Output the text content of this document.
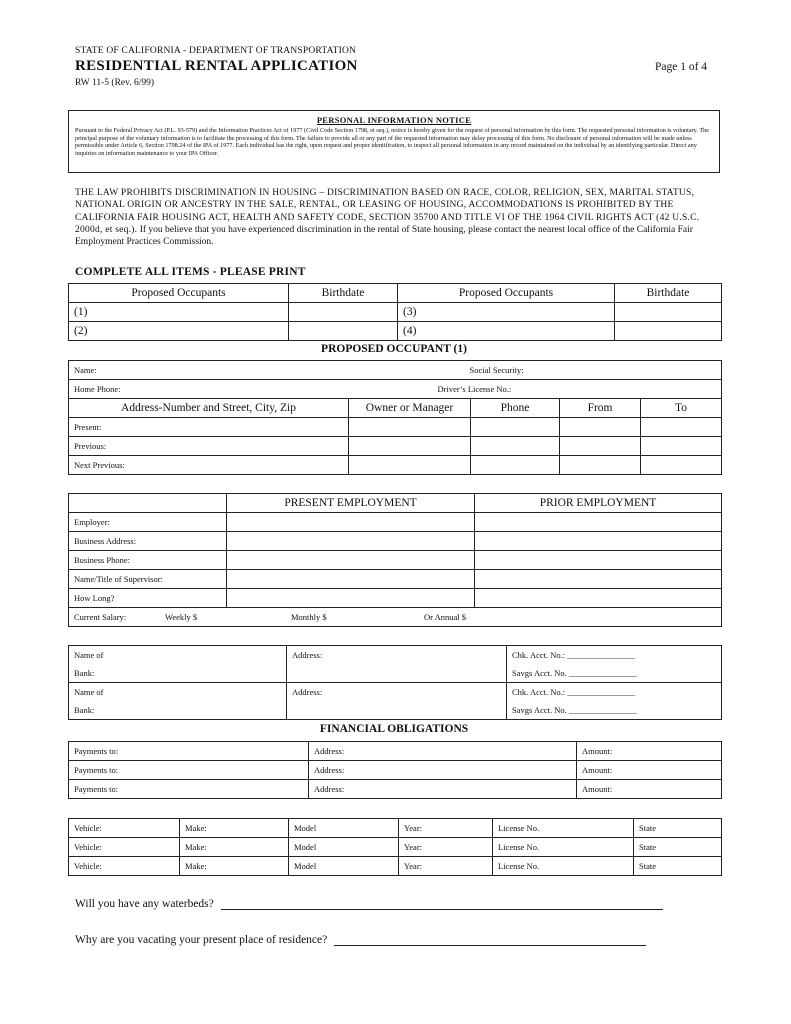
STATE OF CALIFORNIA - DEPARTMENT OF TRANSPORTATION
RESIDENTIAL RENTAL APPLICATION
RW 11-5 (Rev. 6/99)
Page 1 of 4
PERSONAL INFORMATION NOTICE
Pursuant to the Federal Privacy Act (P.L. 93-579) and the Information Practices Act of 1977 (Civil Code Section 1798, et seq.), notice is hereby given for the request of personal information by this form. The requested personal information is voluntary. The principal purpose of the voluntary information is to facilitate the processing of this form. The failure to provide all or any part of the requested information may delay processing of this form. No disclosure of personal information will be made unless permissible under Article 6, Section 1798.24 of the IPA of 1977. Each individual has the right, upon request and proper identification, to inspect all personal information in any record maintained on the individual by an identifying particular. Direct any inquiries on information maintenance to your IPA Officer.
THE LAW PROHIBITS DISCRIMINATION IN HOUSING – DISCRIMINATION BASED ON RACE, COLOR, RELIGION, SEX, MARITAL STATUS, NATIONAL ORIGIN OR ANCESTRY IN THE SALE, RENTAL, OR LEASING OF HOUSING, ACCOMMODATIONS IS PROHIBITED BY THE CALIFORNIA FAIR HOUSING ACT, HEALTH AND SAFETY CODE, SECTION 35700 AND TITLE VI OF THE 1964 CIVIL RIGHTS ACT (42 U.S.C. 2000d, et seq.). If you believe that you have experienced discrimination in the rental of State housing, please contact the nearest local office of the California Fair Employment Practices Commission.
COMPLETE ALL ITEMS - PLEASE PRINT
Proposed Occupants	Birthdate	Proposed Occupants	Birthdate
(1)		(3)	
(2)		(4)	
PROPOSED OCCUPANT (1)
Name:			Social Security:	

Home Phone:			Driver’s License No.:	

Address-Number and Street, City, Zip	Owner or Manager	Phone	From	To
Present:				
Previous:				
Next Previous:				
	PRESENT EMPLOYMENT	PRIOR EMPLOYMENT
Employer:		
Business Address:		
Business Phone:		
Name/Title of Supervisor:		
How Long?		
Current Salary: Weekly $ Monthly $ Or Annual $		
Name of	Address:	Chk. Acct. No.: ________________
Bank:		Savgs Acct. No. ________________
Name of	Address:	Chk. Acct. No.: ________________
Bank:		Savgs Acct. No. ________________
FINANCIAL OBLIGATIONS
Payments to:	Address:	Amount:
Payments to:	Address:	Amount:
Payments to:	Address:	Amount:
Vehicle:	Make:	Model	Year:	License No.	State
Vehicle:	Make:	Model	Year:	License No.	State
Vehicle:	Make:	Model	Year:	License No.	State
Will you have any waterbeds?
Why are you vacating your present place of residence?
